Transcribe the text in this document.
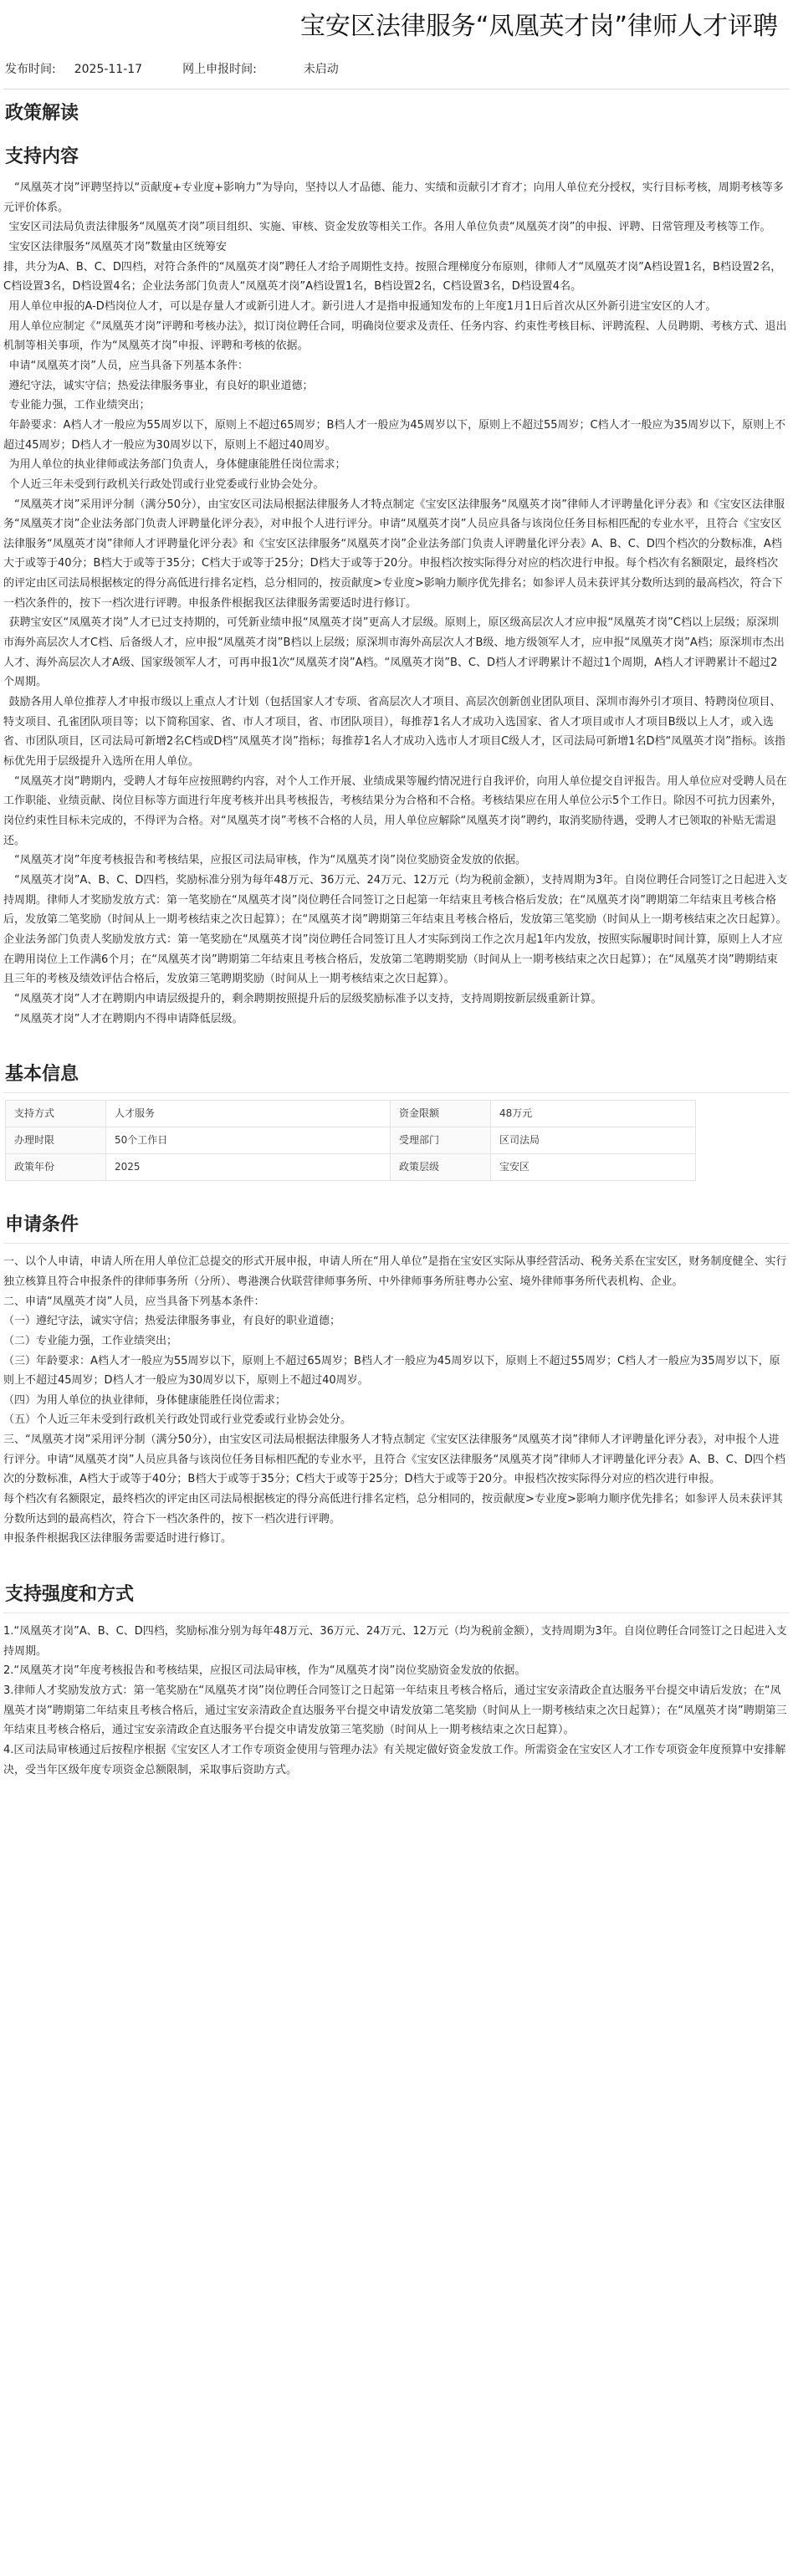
宝安区法律服务“凤凰英才岗”律师人才评聘
发布时间: 2025-11-17	网上申报时间:	未启动
政策解读
支持内容

“凤凰英才岗”评聘坚持以“贡献度+专业度+影响力”为导向，坚持以人才品德、能力、实绩和贡献引才育才；向用人单位充分授权，实行目标考核，周期考核等多元评价体系。

宝安区司法局负责法律服务“凤凰英才岗”项目组织、实施、审核、资金发放等相关工作。各用人单位负责“凤凰英才岗”的申报、评聘、日常管理及考核等工作。

宝安区法律服务“凤凰英才岗”数量由区统筹安

排，共分为A、B、C、D四档，对符合条件的“凤凰英才岗”聘任人才给予周期性支持。按照合理梯度分布原则，律师人才“凤凰英才岗”A档设置1名，B档设置2名，C档设置3名，D档设置4名；企业法务部门负责人“凤凰英才岗”A档设置1名，B档设置2名，C档设置3名，D档设置4名。

用人单位申报的A-D档岗位人才，可以是存量人才或新引进人才。新引进人才是指申报通知发布的上年度1月1日后首次从区外新引进宝安区的人才。

用人单位应制定《“凤凰英才岗”评聘和考核办法》，拟订岗位聘任合同，明确岗位要求及责任、任务内容、约束性考核目标、评聘流程、人员聘期、考核方式、退出机制等相关事项，作为“凤凰英才岗”申报、评聘和考核的依据。

申请“凤凰英才岗”人员，应当具备下列基本条件：

遵纪守法，诚实守信；热爱法律服务事业，有良好的职业道德；

专业能力强，工作业绩突出；

年龄要求：A档人才一般应为55周岁以下，原则上不超过65周岁；B档人才一般应为45周岁以下，原则上不超过55周岁；C档人才一般应为35周岁以下，原则上不超过45周岁；D档人才一般应为30周岁以下，原则上不超过40周岁。

为用人单位的执业律师或法务部门负责人，身体健康能胜任岗位需求；

个人近三年未受到行政机关行政处罚或行业党委或行业协会处分。

“凤凰英才岗”采用评分制（满分50分），由宝安区司法局根据法律服务人才特点制定《宝安区法律服务“凤凰英才岗”律师人才评聘量化评分表》和《宝安区法律服务“凤凰英才岗”企业法务部门负责人评聘量化评分表》，对申报个人进行评分。申请“凤凰英才岗”人员应具备与该岗位任务目标相匹配的专业水平，且符合《宝安区法律服务“凤凰英才岗”律师人才评聘量化评分表》和《宝安区法律服务“凤凰英才岗”企业法务部门负责人评聘量化评分表》A、B、C、D四个档次的分数标准，A档大于或等于40分；B档大于或等于35分；C档大于或等于25分；D档大于或等于20分。申报档次按实际得分对应的档次进行申报。每个档次有名额限定，最终档次的评定由区司法局根据核定的得分高低进行排名定档，总分相同的，按贡献度>专业度>影响力顺序优先排名；如参评人员未获评其分数所达到的最高档次，符合下一档次条件的，按下一档次进行评聘。申报条件根据我区法律服务需要适时进行修订。

获聘宝安区“凤凰英才岗”人才已过支持期的，可凭新业绩申报“凤凰英才岗”更高人才层级。原则上，原区级高层次人才应申报“凤凰英才岗”C档以上层级；原深圳市海外高层次人才C档、后备级人才，应申报“凤凰英才岗”B档以上层级；原深圳市海外高层次人才B级、地方级领军人才，应申报“凤凰英才岗”A档；原深圳市杰出人才、海外高层次人才A级、国家级领军人才，可再申报1次“凤凰英才岗”A档。“凤凰英才岗”B、C、D档人才评聘累计不超过1个周期，A档人才评聘累计不超过2个周期。

鼓励各用人单位推荐人才申报市级以上重点人才计划（包括国家人才专项、省高层次人才项目、高层次创新创业团队项目、深圳市海外引才项目、特聘岗位项目、特支项目、孔雀团队项目等；以下简称国家、省、市人才项目，省、市团队项目），每推荐1名人才成功入选国家、省人才项目或市人才项目B级以上人才，或入选省、市团队项目，区司法局可新增2名C档或D档“凤凰英才岗”指标；每推荐1名人才成功入选市人才项目C级人才，区司法局可新增1名D档“凤凰英才岗”指标。该指标优先用于层级提升入选所在用人单位。

“凤凰英才岗”聘期内，受聘人才每年应按照聘约内容，对个人工作开展、业绩成果等履约情况进行自我评价，向用人单位提交自评报告。用人单位应对受聘人员在工作职能、业绩贡献、岗位目标等方面进行年度考核并出具考核报告，考核结果分为合格和不合格。考核结果应在用人单位公示5个工作日。除因不可抗力因素外，岗位约束性目标未完成的，不得评为合格。对“凤凰英才岗”考核不合格的人员，用人单位应解除“凤凰英才岗”聘约，取消奖励待遇，受聘人才已领取的补贴无需退还。

“凤凰英才岗”年度考核报告和考核结果，应报区司法局审核，作为“凤凰英才岗”岗位奖励资金发放的依据。

“凤凰英才岗”A、B、C、D四档，奖励标准分别为每年48万元、36万元、24万元、12万元（均为税前金额），支持周期为3年。自岗位聘任合同签订之日起进入支持周期。律师人才奖励发放方式：第一笔奖励在“凤凰英才岗”岗位聘任合同签订之日起第一年结束且考核合格后发放；在“凤凰英才岗”聘期第二年结束且考核合格后，发放第二笔奖励（时间从上一期考核结束之次日起算）；在“凤凰英才岗”聘期第三年结束且考核合格后，发放第三笔奖励（时间从上一期考核结束之次日起算）。企业法务部门负责人奖励发放方式：第一笔奖励在“凤凰英才岗”岗位聘任合同签订且人才实际到岗工作之次月起1年内发放，按照实际履职时间计算，原则上人才应在聘用岗位上工作满6个月；在“凤凰英才岗”聘期第二年结束且考核合格后，发放第二笔聘期奖励（时间从上一期考核结束之次日起算）；在“凤凰英才岗”聘期结束且三年的考核及绩效评估合格后，发放第三笔聘期奖励（时间从上一期考核结束之次日起算）。

“凤凰英才岗”人才在聘期内申请层级提升的，剩余聘期按照提升后的层级奖励标准予以支持，支持周期按新层级重新计算。

“凤凰英才岗”人才在聘期内不得申请降低层级。

基本信息
支持方式	人才服务	资金限额	48万元
办理时限	50个工作日	受理部门	区司法局
政策年份	2025	政策层级	宝安区
申请条件

一、以个人申请，申请人所在用人单位汇总提交的形式开展申报，申请人所在“用人单位”是指在宝安区实际从事经营活动、税务关系在宝安区，财务制度健全、实行独立核算且符合申报条件的律师事务所（分所）、粤港澳合伙联营律师事务所、中外律师事务所驻粤办公室、境外律师事务所代表机构、企业。

二、申请“凤凰英才岗”人员，应当具备下列基本条件：

（一）遵纪守法，诚实守信；热爱法律服务事业，有良好的职业道德；

（二）专业能力强，工作业绩突出；

（三）年龄要求：A档人才一般应为55周岁以下，原则上不超过65周岁；B档人才一般应为45周岁以下，原则上不超过55周岁；C档人才一般应为35周岁以下，原则上不超过45周岁；D档人才一般应为30周岁以下，原则上不超过40周岁。

（四）为用人单位的执业律师，身体健康能胜任岗位需求；

（五）个人近三年未受到行政机关行政处罚或行业党委或行业协会处分。

三、“凤凰英才岗”采用评分制（满分50分），由宝安区司法局根据法律服务人才特点制定《宝安区法律服务“凤凰英才岗”律师人才评聘量化评分表》，对申报个人进行评分。申请“凤凰英才岗”人员应具备与该岗位任务目标相匹配的专业水平，且符合《宝安区法律服务“凤凰英才岗”律师人才评聘量化评分表》A、B、C、D四个档次的分数标准，A档大于或等于40分；B档大于或等于35分；C档大于或等于25分；D档大于或等于20分。申报档次按实际得分对应的档次进行申报。

每个档次有名额限定，最终档次的评定由区司法局根据核定的得分高低进行排名定档，总分相同的，按贡献度>专业度>影响力顺序优先排名；如参评人员未获评其分数所达到的最高档次，符合下一档次条件的，按下一档次进行评聘。

申报条件根据我区法律服务需要适时进行修订。

支持强度和方式

1.“凤凰英才岗”A、B、C、D四档，奖励标准分别为每年48万元、36万元、24万元、12万元（均为税前金额），支持周期为3年。自岗位聘任合同签订之日起进入支持周期。

2.“凤凰英才岗”年度考核报告和考核结果，应报区司法局审核，作为“凤凰英才岗”岗位奖励资金发放的依据。

3.律师人才奖励发放方式：第一笔奖励在“凤凰英才岗”岗位聘任合同签订之日起第一年结束且考核合格后，通过宝安亲清政企直达服务平台提交申请后发放；在“凤凰英才岗”聘期第二年结束且考核合格后，通过宝安亲清政企直达服务平台提交申请发放第二笔奖励（时间从上一期考核结束之次日起算）；在“凤凰英才岗”聘期第三年结束且考核合格后，通过宝安亲清政企直达服务平台提交申请发放第三笔奖励（时间从上一期考核结束之次日起算）。

4.区司法局审核通过后按程序根据《宝安区人才工作专项资金使用与管理办法》有关规定做好资金发放工作。所需资金在宝安区人才工作专项资金年度预算中安排解决，受当年区级年度专项资金总额限制，采取事后资助方式。
